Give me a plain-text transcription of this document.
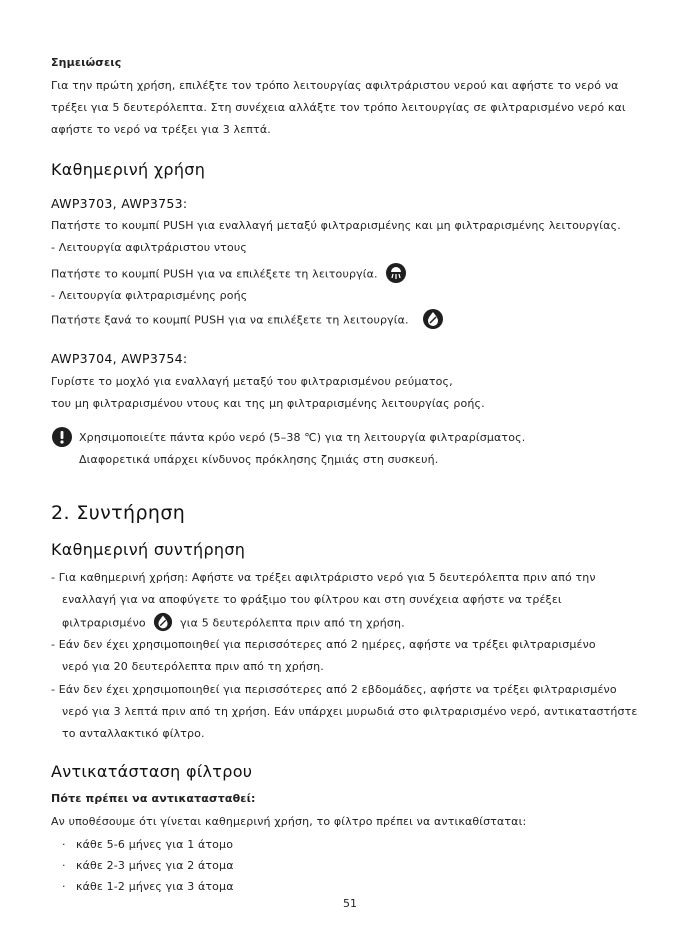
Σημειώσεις
Για την πρώτη χρήση, επιλέξτε τον τρόπο λειτουργίας αφιλτράριστου νερού και αφήστε το νερό να
τρέξει για 5 δευτερόλεπτα. Στη συνέχεια αλλάξτε τον τρόπο λειτουργίας σε φιλτραρισμένο νερό και
αφήστε το νερό να τρέξει για 3 λεπτά.
Καθημερινή χρήση
AWP3703, AWP3753:
Πατήστε το κουμπί PUSH για εναλλαγή μεταξύ φιλτραρισμένης και μη φιλτραρισμένης λειτουργίας.
- Λειτουργία αφιλτράριστου ντους
Πατήστε το κουμπί PUSH για να επιλέξετε τη λειτουργία.
- Λειτουργία φιλτραρισμένης ροής
Πατήστε ξανά το κουμπί PUSH για να επιλέξετε τη λειτουργία.
AWP3704, AWP3754:
Γυρίστε το μοχλό για εναλλαγή μεταξύ του φιλτραρισμένου ρεύματος,
του μη φιλτραρισμένου ντους και της μη φιλτραρισμένης λειτουργίας ροής.
Χρησιμοποιείτε πάντα κρύο νερό (5–38 ℃) για τη λειτουργία φιλτραρίσματος.
Διαφορετικά υπάρχει κίνδυνος πρόκλησης ζημιάς στη συσκευή.
2. Συντήρηση
Καθημερινή συντήρηση
- Για καθημερινή χρήση: Αφήστε να τρέξει αφιλτράριστο νερό για 5 δευτερόλεπτα πριν από την
εναλλαγή για να αποφύγετε το φράξιμο του φίλτρου και στη συνέχεια αφήστε να τρέξει
φιλτραρισμένο	για 5 δευτερόλεπτα πριν από τη χρήση.
- Εάν δεν έχει χρησιμοποιηθεί για περισσότερες από 2 ημέρες, αφήστε να τρέξει φιλτραρισμένο
νερό για 20 δευτερόλεπτα πριν από τη χρήση.
- Εάν δεν έχει χρησιμοποιηθεί για περισσότερες από 2 εβδομάδες, αφήστε να τρέξει φιλτραρισμένο
νερό για 3 λεπτά πριν από τη χρήση. Εάν υπάρχει μυρωδιά στο φιλτραρισμένο νερό, αντικαταστήστε
το ανταλλακτικό φίλτρο.
Αντικατάσταση φίλτρου
Πότε πρέπει να αντικατασταθεί:
Αν υποθέσουμε ότι γίνεται καθημερινή χρήση, το φίλτρο πρέπει να αντικαθίσταται:
· κάθε 5-6 μήνες για 1 άτομο
· κάθε 2-3 μήνες για 2 άτομα
· κάθε 1-2 μήνες για 3 άτομα
51
